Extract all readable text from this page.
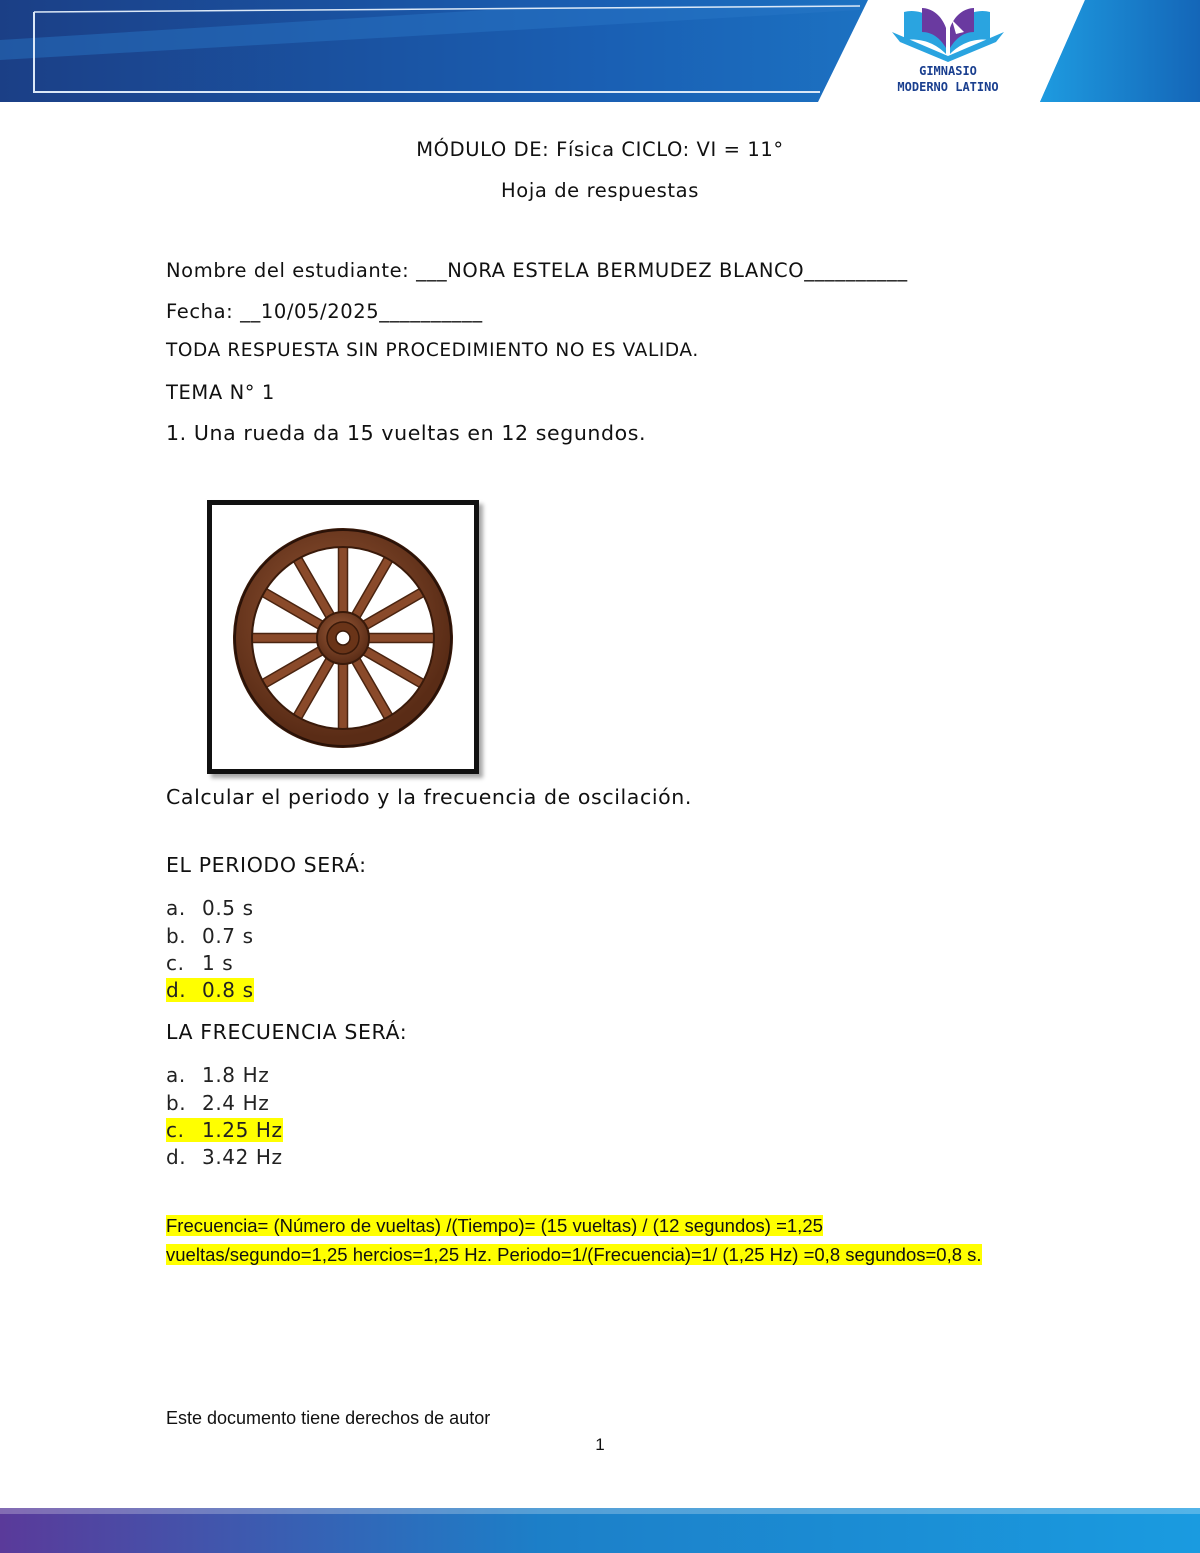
GIMNASIO
MODERNO LATINO
MÓDULO DE: Física CICLO: VI = 11°
Hoja de respuestas
Nombre del estudiante: ___NORA ESTELA BERMUDEZ BLANCO__________
Fecha: __10/05/2025__________
TODA RESPUESTA SIN PROCEDIMIENTO NO ES VALIDA.
TEMA N° 1
1. Una rueda da 15 vueltas en 12 segundos.
Calcular el periodo y la frecuencia de oscilación.
EL PERIODO SERÁ:
a. 0.5 s
b. 0.7 s
c. 1 s
d. 0.8 s
LA FRECUENCIA SERÁ:
a. 1.8 Hz
b. 2.4 Hz
c. 1.25 Hz
d. 3.42 Hz
Frecuencia= (Número de vueltas) /(Tiempo)= (15 vueltas) / (12 segundos) =1,25
vueltas/segundo=1,25 hercios=1,25 Hz. Periodo=1/(Frecuencia)=1/ (1,25 Hz) =0,8 segundos=0,8 s.
Este documento tiene derechos de autor
1
